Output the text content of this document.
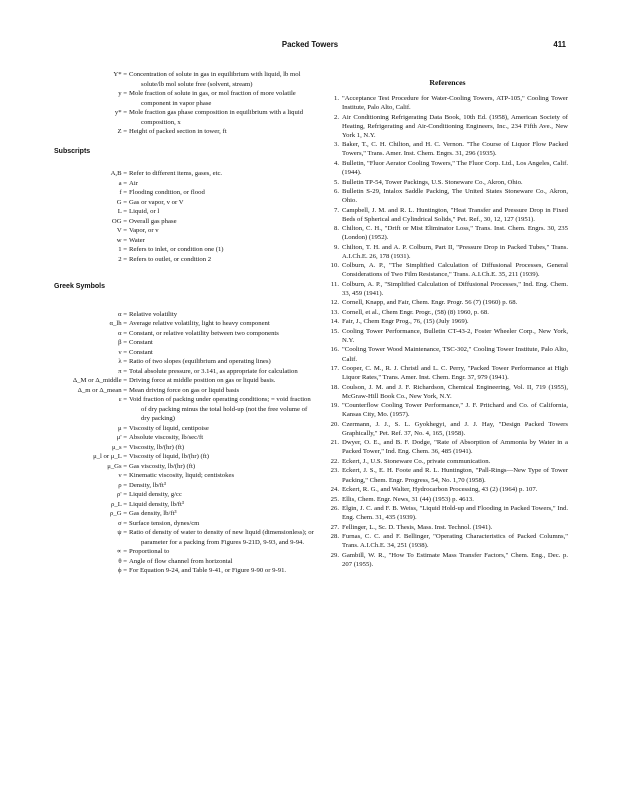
Packed Towers	411
Y* = Concentration of solute in gas in equilibrium with liquid, lb mol solute/lb mol solute free (solvent, stream)
y = Mole fraction of solute in gas, or mol fraction of more volatile component in vapor phase
y* = Mole fraction gas phase composition in equilibrium with a liquid composition, x
Z = Height of packed section in tower, ft
Subscripts
A,B = Refer to different items, gases, etc.
a = Air
f = Flooding condition, or flood
G = Gas or vapor, v or V
L = Liquid, or l
OG = Overall gas phase
V = Vapor, or v
w = Water
1 = Refers to inlet, or condition one (1)
2 = Refers to outlet, or condition 2
Greek Symbols
α = Relative volatility
α_lh = Average relative volatility, light to heavy component
α = Constant, or relative volatility between two components
β = Constant
ν = Constant
λ = Ratio of two slopes (equilibrium and operating lines)
π = Total absolute pressure, or 3.141, as appropriate for calculation
Δ_M or Δ_middle = Driving force at middle position on gas or liquid basis.
Δ_m or Δ_mean = Mean driving force on gas or liquid basis
ε = Void fraction of packing under operating conditions; = void fraction of dry packing minus the total hold-up (not the free volume of dry packing)
μ = Viscosity of liquid, centipoise
μ' = Absolute viscosity, lb/sec/ft
μ_s = Viscosity, lb/(hr) (ft)
μ_l or μ_L = Viscosity of liquid, lb/(hr) (ft)
μ_Gs = Gas viscosity, lb/(hr) (ft)
ν = Kinematic viscosity, liquid; centistokes
ρ = Density, lb/ft³
ρ' = Liquid density, g/cc
ρ_L = Liquid density, lb/ft³
ρ_G = Gas density, lb/ft³
σ = Surface tension, dynes/cm
ψ = Ratio of density of water to density of new liquid (dimensionless); or parameter for a packing from Figures 9-21D, 9-93, and 9-94.
∝ = Proportional to
θ = Angle of flow channel from horizontal
ϕ = For Equation 9-24, and Table 9-41, or Figure 9-90 or 9-91.
References
1. "Acceptance Test Procedure for Water-Cooling Towers, ATP-105," Cooling Tower Institute, Palo Alto, Calif.
2. Air Conditioning Refrigerating Data Book, 10th Ed. (1958), American Society of Heating, Refrigerating and Air-Conditioning Engineers, Inc., 234 Fifth Ave., New York 1, N.Y.
3. Baker, T., C. H. Chilton, and H. C. Vernon. "The Course of Liquor Flow Packed Towers," Trans. Amer. Inst. Chem. Engrs. 31, 296 (1935).
4. Bulletin, "Fluor Aerator Cooling Towers," The Fluor Corp. Ltd., Los Angeles, Calif. (1944).
5. Bulletin TP-54, Tower Packings, U.S. Stoneware Co., Akron, Ohio.
6. Bulletin S-29, Intalox Saddle Packing, The United States Stoneware Co., Akron, Ohio.
7. Campbell, J. M. and R. L. Huntington, "Heat Transfer and Pressure Drop in Fixed Beds of Spherical and Cylindrical Solids," Pet. Ref., 30, 12, 127 (1951).
8. Chilton, C. H., "Drift or Mist Eliminator Loss," Trans. Inst. Chem. Engrs. 30, 235 (London) (1952).
9. Chilton, T. H. and A. P. Colburn, Part II, "Pressure Drop in Packed Tubes," Trans. A.I.Ch.E. 26, 178 (1931).
10. Colburn, A. P., "The Simplified Calculation of Diffusional Processes, General Considerations of Two Film Resistance," Trans. A.I.Ch.E. 35, 211 (1939).
11. Colburn, A. P., "Simplified Calculation of Diffusional Processes," Ind. Eng. Chem. 33, 459 (1941).
12. Cornell, Knapp, and Fair, Chem. Engr. Progr. 56 (7) (1960) p. 68.
13. Cornell, et al., Chem Engr. Progr., (58) (8) 1960, p. 68.
14. Fair, J., Chem Engr Prog., 76, (15) (July 1969).
15. Cooling Tower Performance, Bulletin CT-43-2, Foster Wheeler Corp., New York, N.Y.
16. "Cooling Tower Wood Maintenance, TSC-302," Cooling Tower Institute, Palo Alto, Calif.
17. Cooper, C. M., R. J. Christl and L. C. Perry, "Packed Tower Performance at High Liquor Rates," Trans. Amer. Inst. Chem. Engr. 37, 979 (1941).
18. Coulson, J. M. and J. F. Richardson, Chemical Engineering, Vol. II, 719 (1955), McGraw-Hill Book Co., New York, N.Y.
19. "Counterflow Cooling Tower Performance," J. F. Pritchard and Co. of California, Kansas City, Mo. (1957).
20. Czermann, J. J., S. L. Gyokhegyi, and J. J. Hay, "Design Packed Towers Graphically," Pet. Ref. 37, No. 4, 165, (1958).
21. Dwyer, O. E., and B. F. Dodge, "Rate of Absorption of Ammonia by Water in a Packed Tower," Ind. Eng. Chem. 36, 485 (1941).
22. Eckert, J., U.S. Stoneware Co., private communication.
23. Eckert, J. S., E. H. Foote and R. L. Huntington, "Pall-Rings—New Type of Tower Packing," Chem. Engr. Progress, 54, No. 1,70 (1958).
24. Eckert, R. G., and Walter, Hydrocarbon Processing, 43 (2) (1964) p. 107.
25. Ellis, Chem. Engr. News, 31 (44) (1953) p. 4613.
26. Elgin, J. C. and F. B. Weiss, "Liquid Hold-up and Flooding in Packed Towers," Ind. Eng. Chem. 31, 435 (1939).
27. Fellinger, L., Sc. D. Thesis, Mass. Inst. Technol. (1941).
28. Furnas, C. C. and F. Bellinger, "Operating Characteristics of Packed Columns," Trans. A.I.Ch.E. 34, 251 (1938).
29. Gambill, W. R., "How To Estimate Mass Transfer Factors," Chem. Eng., Dec. p. 207 (1955).
